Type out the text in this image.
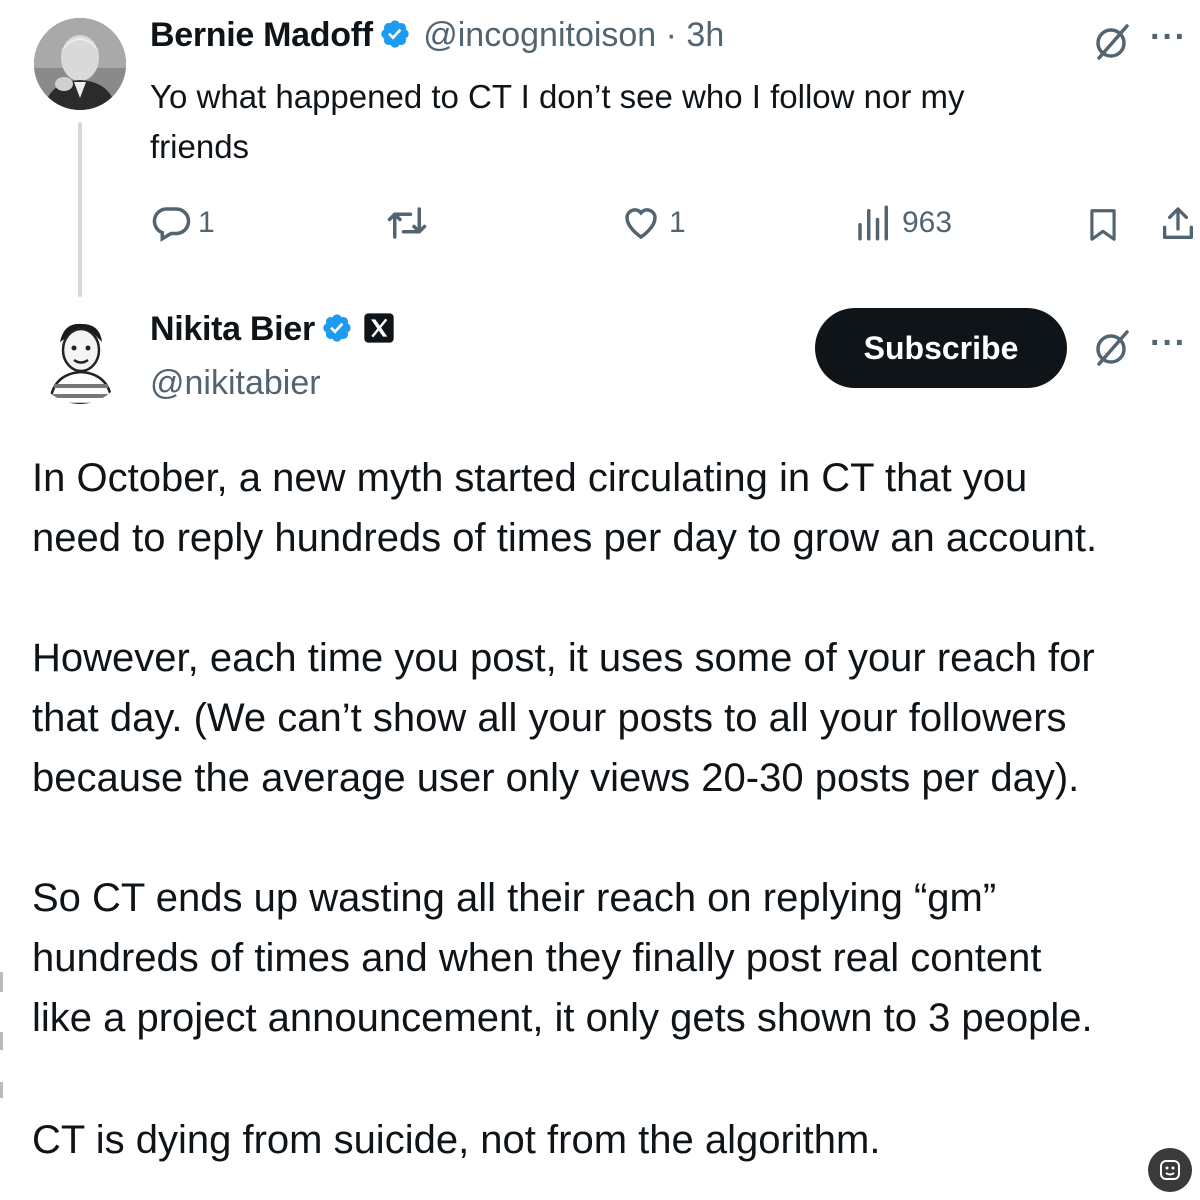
Bernie Madoff @incognitoison · 3h	···
Yo what happened to CT I don’t see who I follow nor my
friends
1	1	963
Nikita Bier
@nikitabier
Subscribe	···
In October, a new myth started circulating in CT that you
need to reply hundreds of times per day to grow an account.
However, each time you post, it uses some of your reach for
that day. (We can’t show all your posts to all your followers
because the average user only views 20-30 posts per day).
So CT ends up wasting all their reach on replying “gm”
hundreds of times and when they finally post real content
like a project announcement, it only gets shown to 3 people.
CT is dying from suicide, not from the algorithm.
